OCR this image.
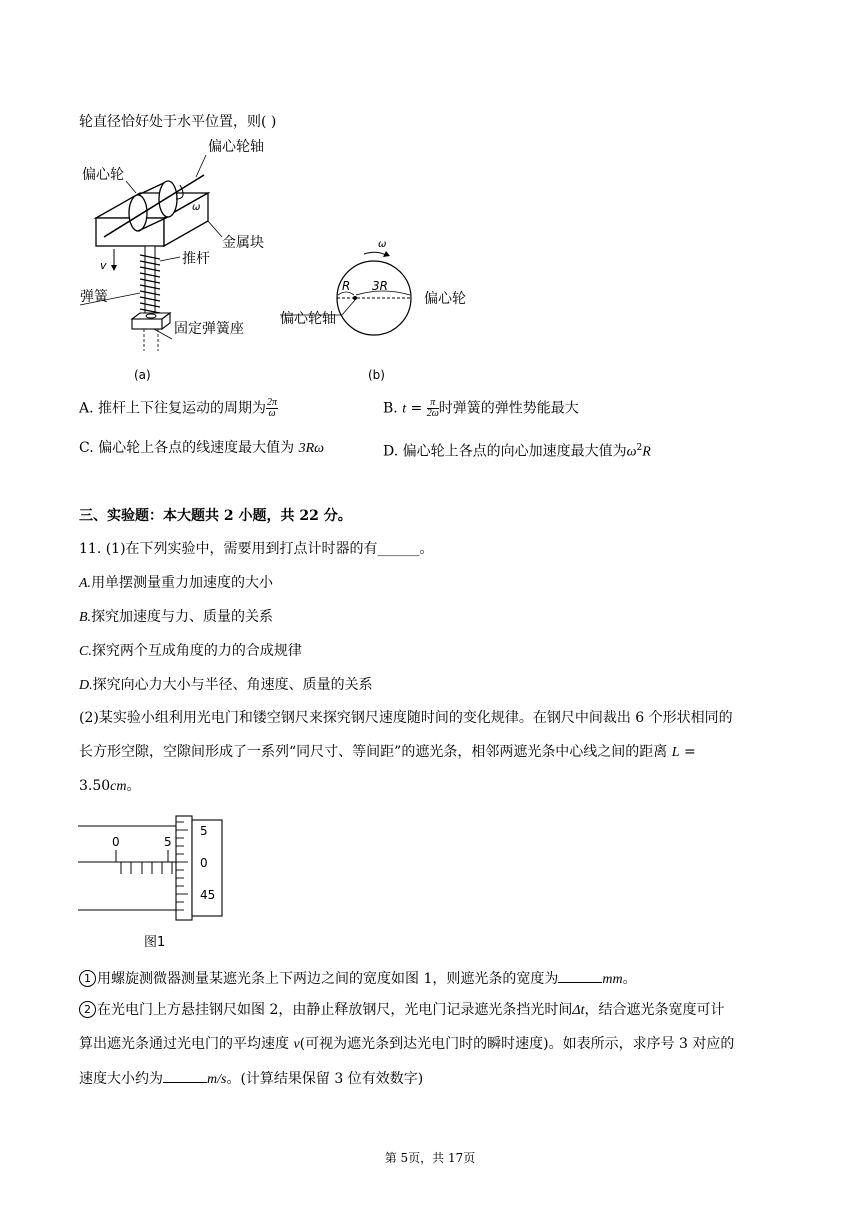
轮直径恰好处于水平位置，则( )
ω
v
偏心轮轴
偏心轮
金属块
推杆
弹簧
固定弹簧座
(a)
ω
R 3R
偏心轮
偏心轮轴
(b)
A. 推杆上下往复运动的周期为 $\frac{2\pi}{\omega}$	B. $t = \frac{\pi}{2\omega}$ 时弹簧的弹性势能最大
C. 偏心轮上各点的线速度最大值为 3Rω	D. 偏心轮上各点的向心加速度最大值为$\omega^2R$
三、实验题：本大题共 2 小题，共 22 分。
11. (1)在下列实验中，需要用到打点计时器的有______。
A.用单摆测量重力加速度的大小
B.探究加速度与力、质量的关系
C.探究两个互成角度的力的合成规律
D.探究向心力大小与半径、角速度、质量的关系
(2)某实验小组利用光电门和镂空钢尺来探究钢尺速度随时间的变化规律。在钢尺中间裁出 6 个形状相同的
长方形空隙，空隙间形成了一系列“同尺寸、等间距”的遮光条，相邻两遮光条中心线之间的距离 L =
3.50cm。
0	5
5
0
45
图1
1 用螺旋测微器测量某遮光条上下两边之间的宽度如图 1，则遮光条的宽度为	mm。
2 在光电门上方悬挂钢尺如图 2，由静止释放钢尺，光电门记录遮光条挡光时间Δt，结合遮光条宽度可计
算出遮光条通过光电门的平均速度 v(可视为遮光条到达光电门时的瞬时速度)。如表所示，求序号 3 对应的
速度大小约为	m/s。(计算结果保留 3 位有效数字)
第 5页，共 17页
